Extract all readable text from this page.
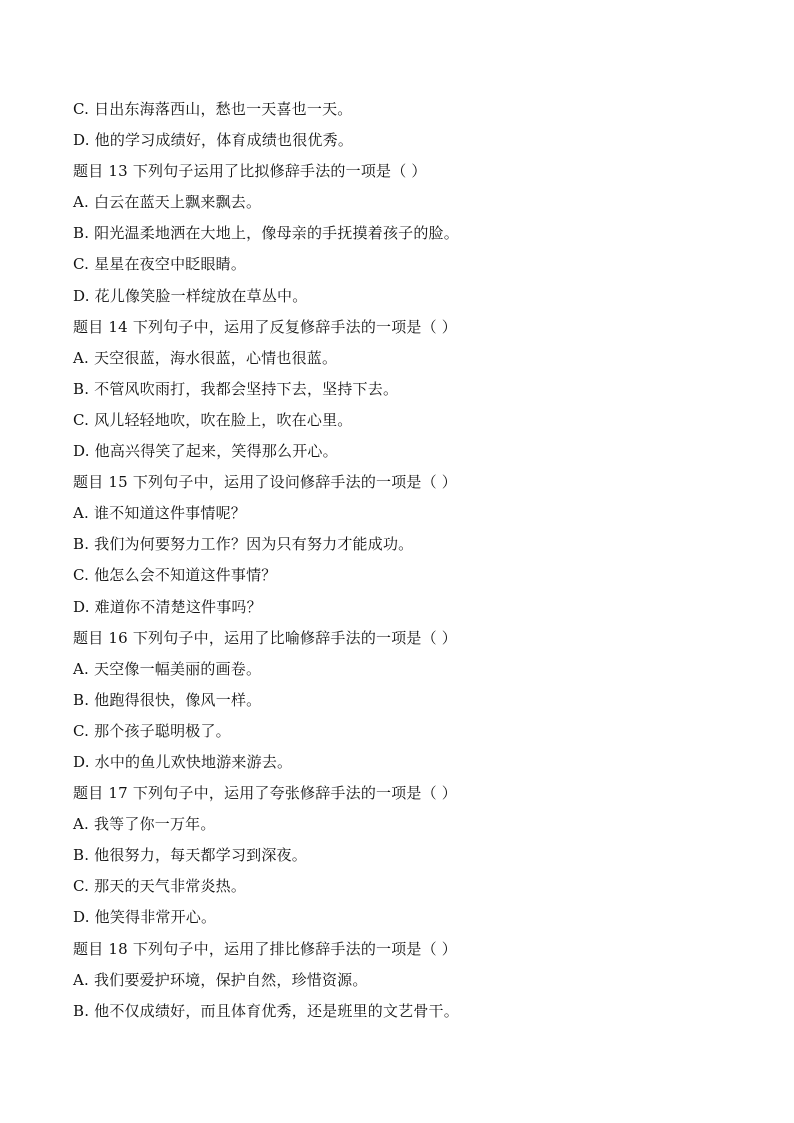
C. 日出东海落西山，愁也一天喜也一天。
D. 他的学习成绩好，体育成绩也很优秀。
题目 13 下列句子运用了比拟修辞手法的一项是（ ）
A. 白云在蓝天上飘来飘去。
B. 阳光温柔地洒在大地上，像母亲的手抚摸着孩子的脸。
C. 星星在夜空中眨眼睛。
D. 花儿像笑脸一样绽放在草丛中。
题目 14 下列句子中，运用了反复修辞手法的一项是（ ）
A. 天空很蓝，海水很蓝，心情也很蓝。
B. 不管风吹雨打，我都会坚持下去，坚持下去。
C. 风儿轻轻地吹，吹在脸上，吹在心里。
D. 他高兴得笑了起来，笑得那么开心。
题目 15 下列句子中，运用了设问修辞手法的一项是（ ）
A. 谁不知道这件事情呢？
B. 我们为何要努力工作？因为只有努力才能成功。
C. 他怎么会不知道这件事情？
D. 难道你不清楚这件事吗？
题目 16 下列句子中，运用了比喻修辞手法的一项是（ ）
A. 天空像一幅美丽的画卷。
B. 他跑得很快，像风一样。
C. 那个孩子聪明极了。
D. 水中的鱼儿欢快地游来游去。
题目 17 下列句子中，运用了夸张修辞手法的一项是（ ）
A. 我等了你一万年。
B. 他很努力，每天都学习到深夜。
C. 那天的天气非常炎热。
D. 他笑得非常开心。
题目 18 下列句子中，运用了排比修辞手法的一项是（ ）
A. 我们要爱护环境，保护自然，珍惜资源。
B. 他不仅成绩好，而且体育优秀，还是班里的文艺骨干。
